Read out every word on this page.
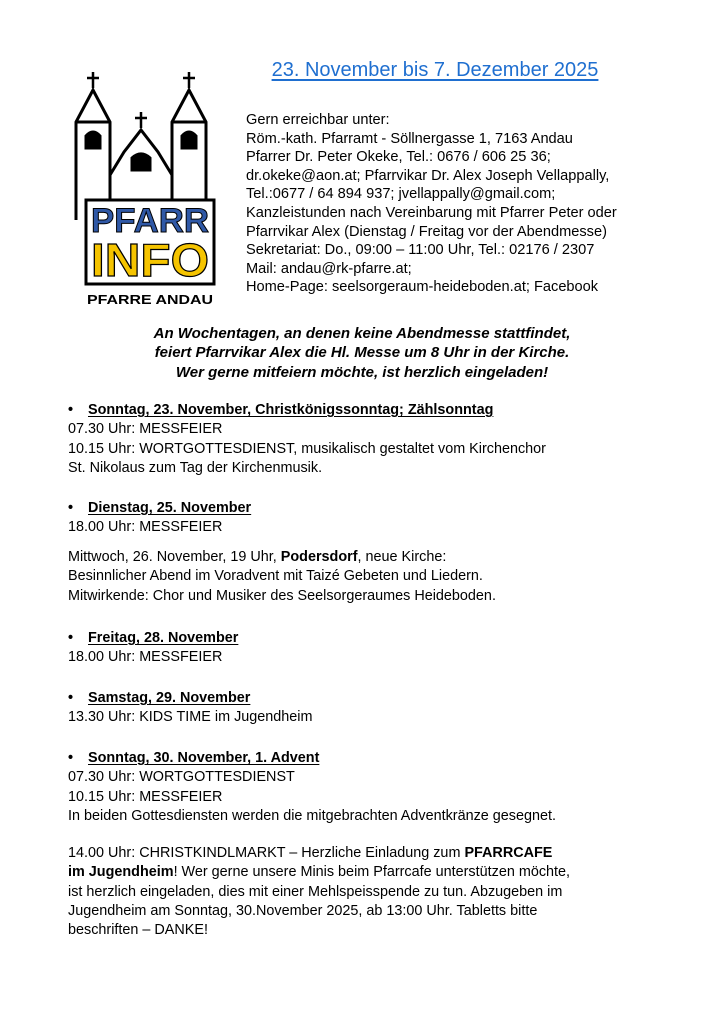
PFARR
INFO
PFARRE ANDAU
23. November bis 7. Dezember 2025
Gern erreichbar unter:
Röm.-kath. Pfarramt - Söllnergasse 1, 7163 Andau
Pfarrer Dr. Peter Okeke, Tel.: 0676 / 606 25 36;
dr.okeke@aon.at; Pfarrvikar Dr. Alex Joseph Vellappally,
Tel.:0677 / 64 894 937; jvellappally@gmail.com;
Kanzleistunden nach Vereinbarung mit Pfarrer Peter oder
Pfarrvikar Alex (Dienstag / Freitag vor der Abendmesse)
Sekretariat: Do., 09:00 – 11:00 Uhr, Tel.: 02176 / 2307
Mail: andau@rk-pfarre.at;
Home-Page: seelsorgeraum-heideboden.at; Facebook
An Wochentagen, an denen keine Abendmesse stattfindet,
feiert Pfarrvikar Alex die Hl. Messe um 8 Uhr in der Kirche.
Wer gerne mitfeiern möchte, ist herzlich eingeladen!
• Sonntag, 23. November, Christkönigssonntag; Zählsonntag
07.30 Uhr: MESSFEIER
10.15 Uhr: WORTGOTTESDIENST, musikalisch gestaltet vom Kirchenchor
St. Nikolaus zum Tag der Kirchenmusik.
• Dienstag, 25. November
18.00 Uhr: MESSFEIER
Mittwoch, 26. November, 19 Uhr, Podersdorf, neue Kirche:
Besinnlicher Abend im Voradvent mit Taizé Gebeten und Liedern.
Mitwirkende: Chor und Musiker des Seelsorgeraumes Heideboden.
• Freitag, 28. November
18.00 Uhr: MESSFEIER
• Samstag, 29. November
13.30 Uhr: KIDS TIME im Jugendheim
• Sonntag, 30. November, 1. Advent
07.30 Uhr: WORTGOTTESDIENST
10.15 Uhr: MESSFEIER
In beiden Gottesdiensten werden die mitgebrachten Adventkränze gesegnet.
14.00 Uhr: CHRISTKINDLMARKT – Herzliche Einladung zum PFARRCAFE
im Jugendheim! Wer gerne unsere Minis beim Pfarrcafe unterstützen möchte,
ist herzlich eingeladen, dies mit einer Mehlspeisspende zu tun. Abzugeben im
Jugendheim am Sonntag, 30.November 2025, ab 13:00 Uhr. Tabletts bitte
beschriften – DANKE!
